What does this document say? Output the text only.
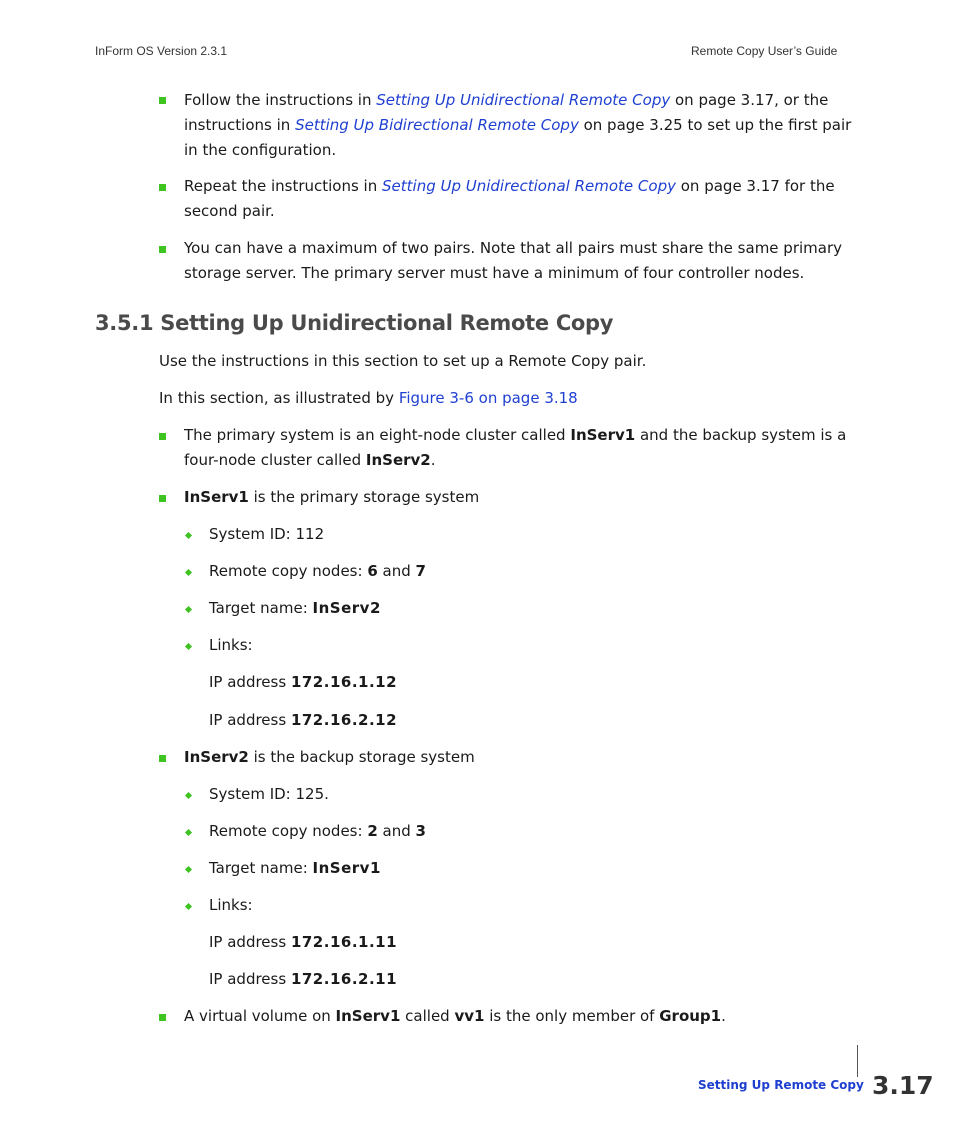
InForm OS Version 2.3.1	Remote Copy User’s Guide
Follow the instructions in Setting Up Unidirectional Remote Copy on page 3.17, or the instructions in Setting Up Bidirectional Remote Copy on page 3.25 to set up the first pair in the configuration.
Repeat the instructions in Setting Up Unidirectional Remote Copy on page 3.17 for the second pair.
You can have a maximum of two pairs. Note that all pairs must share the same primary storage server. The primary server must have a minimum of four controller nodes.
3.5.1 Setting Up Unidirectional Remote Copy
Use the instructions in this section to set up a Remote Copy pair.
In this section, as illustrated by Figure 3-6 on page 3.18
The primary system is an eight-node cluster called InServ1 and the backup system is a four-node cluster called InServ2.
InServ1 is the primary storage system
System ID: 112
Remote copy nodes: 6 and 7
Target name: InServ2
Links:
IP address 172.16.1.12
IP address 172.16.2.12
InServ2 is the backup storage system
System ID: 125.
Remote copy nodes: 2 and 3
Target name: InServ1
Links:
IP address 172.16.1.11
IP address 172.16.2.11
A virtual volume on InServ1 called vv1 is the only member of Group1.
Setting Up Remote Copy 3.17
